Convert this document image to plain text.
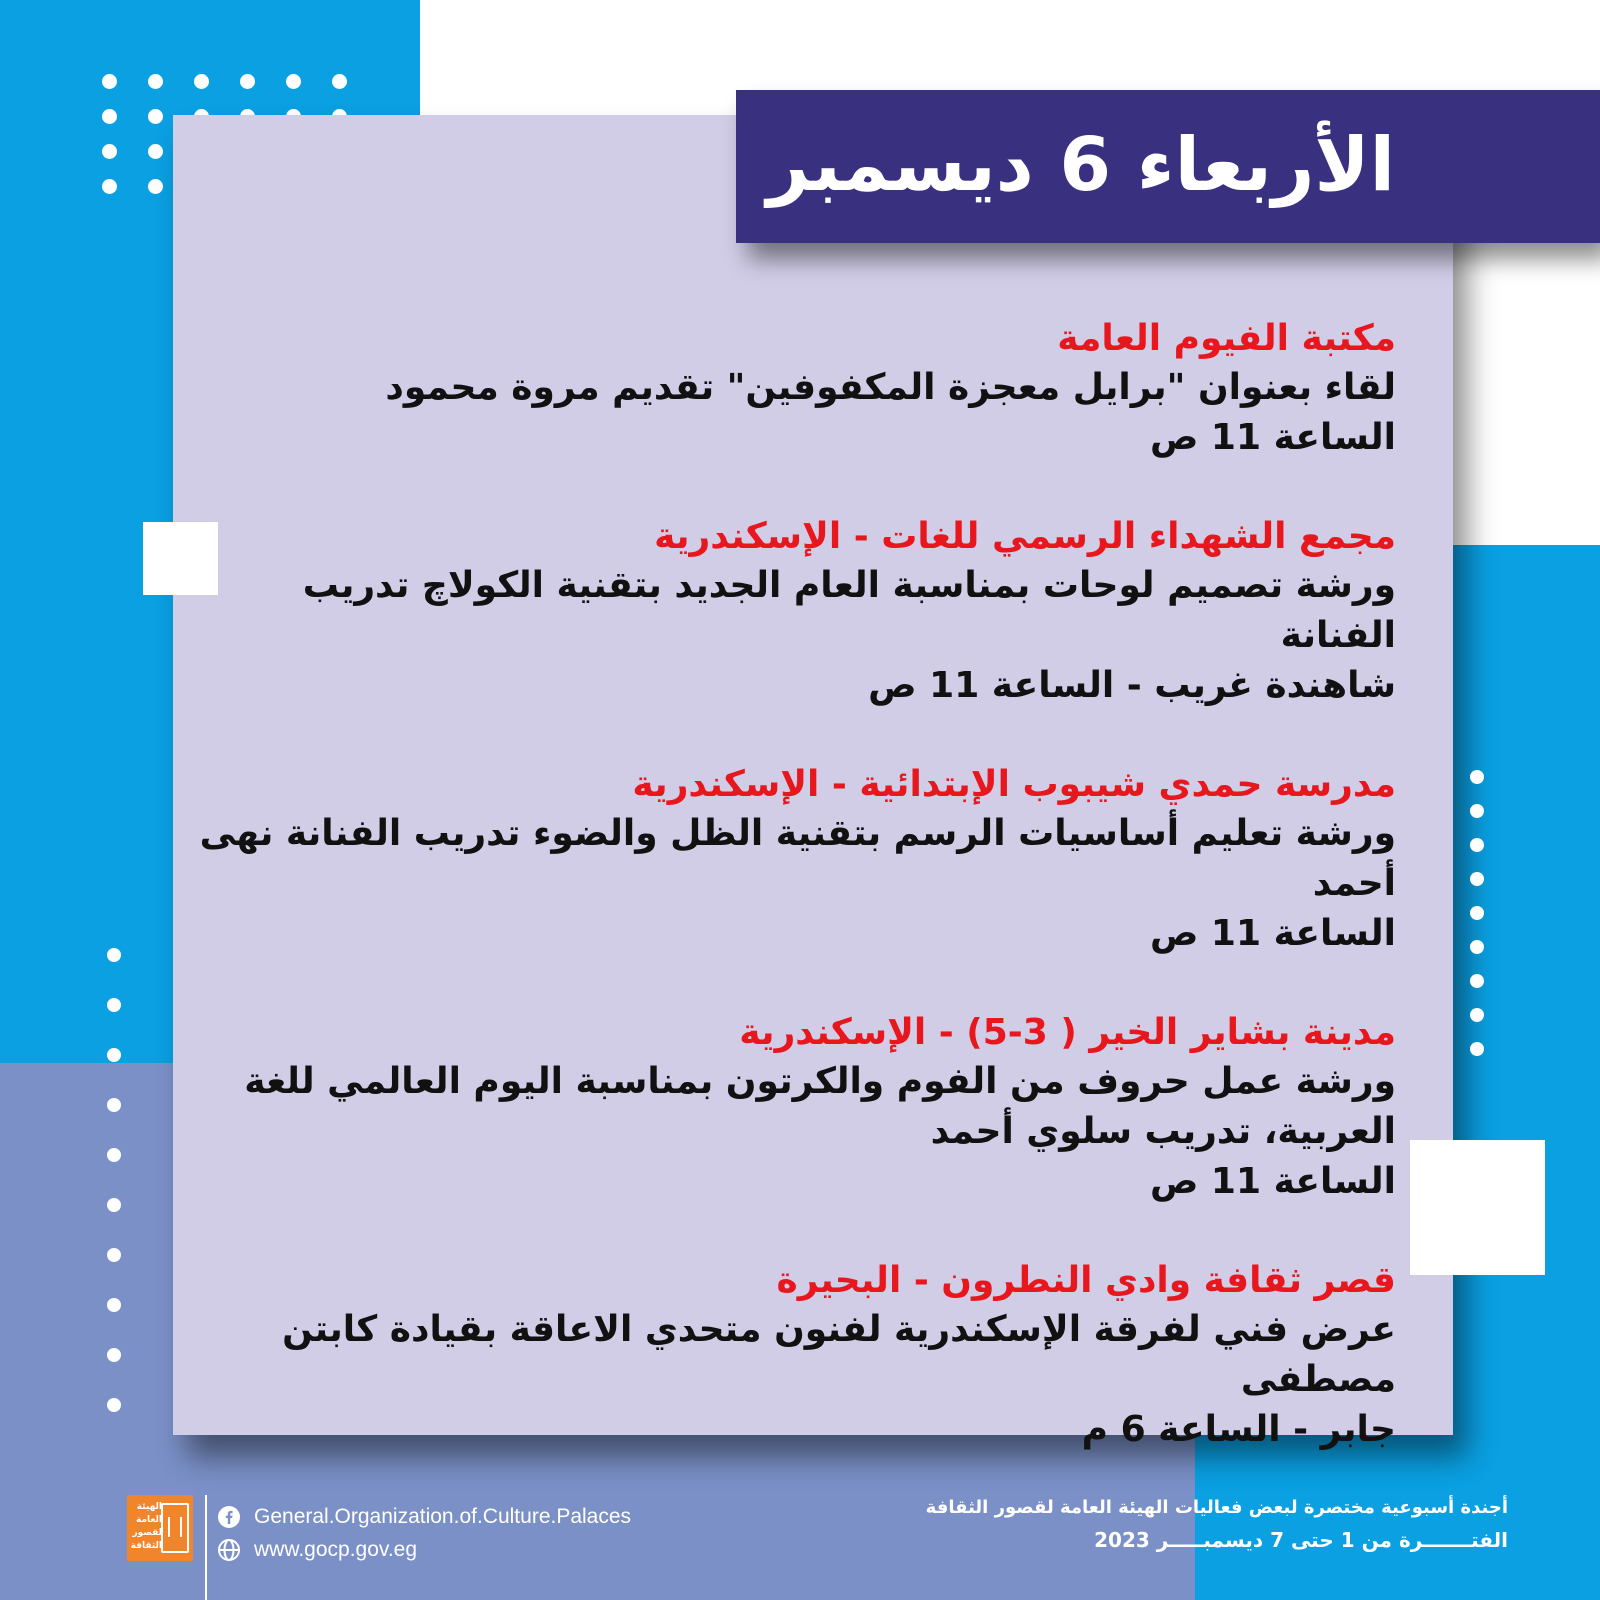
الأربعاء 6 ديسمبر
مكتبة الفيوم العامة
لقاء بعنوان "برايل معجزة المكفوفين" تقديم مروة محمود
الساعة 11 ص
مجمع الشهداء الرسمي للغات - الإسكندرية
ورشة تصميم لوحات بمناسبة العام الجديد بتقنية الكولاچ تدريب الفنانة
شاهندة غريب - الساعة 11 ص
مدرسة حمدي شيبوب الإبتدائية - الإسكندرية
ورشة تعليم أساسيات الرسم بتقنية الظل والضوء تدريب الفنانة نهى أحمد
الساعة 11 ص
مدينة بشاير الخير ( 3-5) - الإسكندرية
ورشة عمل حروف من الفوم والكرتون بمناسبة اليوم العالمي للغة
العربية، تدريب سلوي أحمد
الساعة 11 ص
قصر ثقافة وادي النطرون - البحيرة
عرض فني لفرقة الإسكندرية لفنون متحدي الاعاقة بقيادة كابتن مصطفى
جابر - الساعة 6 م
أجندة أسبوعية مختصرة لبعض فعاليات الهيئة العامة لقصور الثقافة
الفتـــــــرة من 1 حتى 7 ديسمبـــــر 2023
الهيئة العامة لقصور الثقافة
General.Organization.of.Culture.Palaces
www.gocp.gov.eg
